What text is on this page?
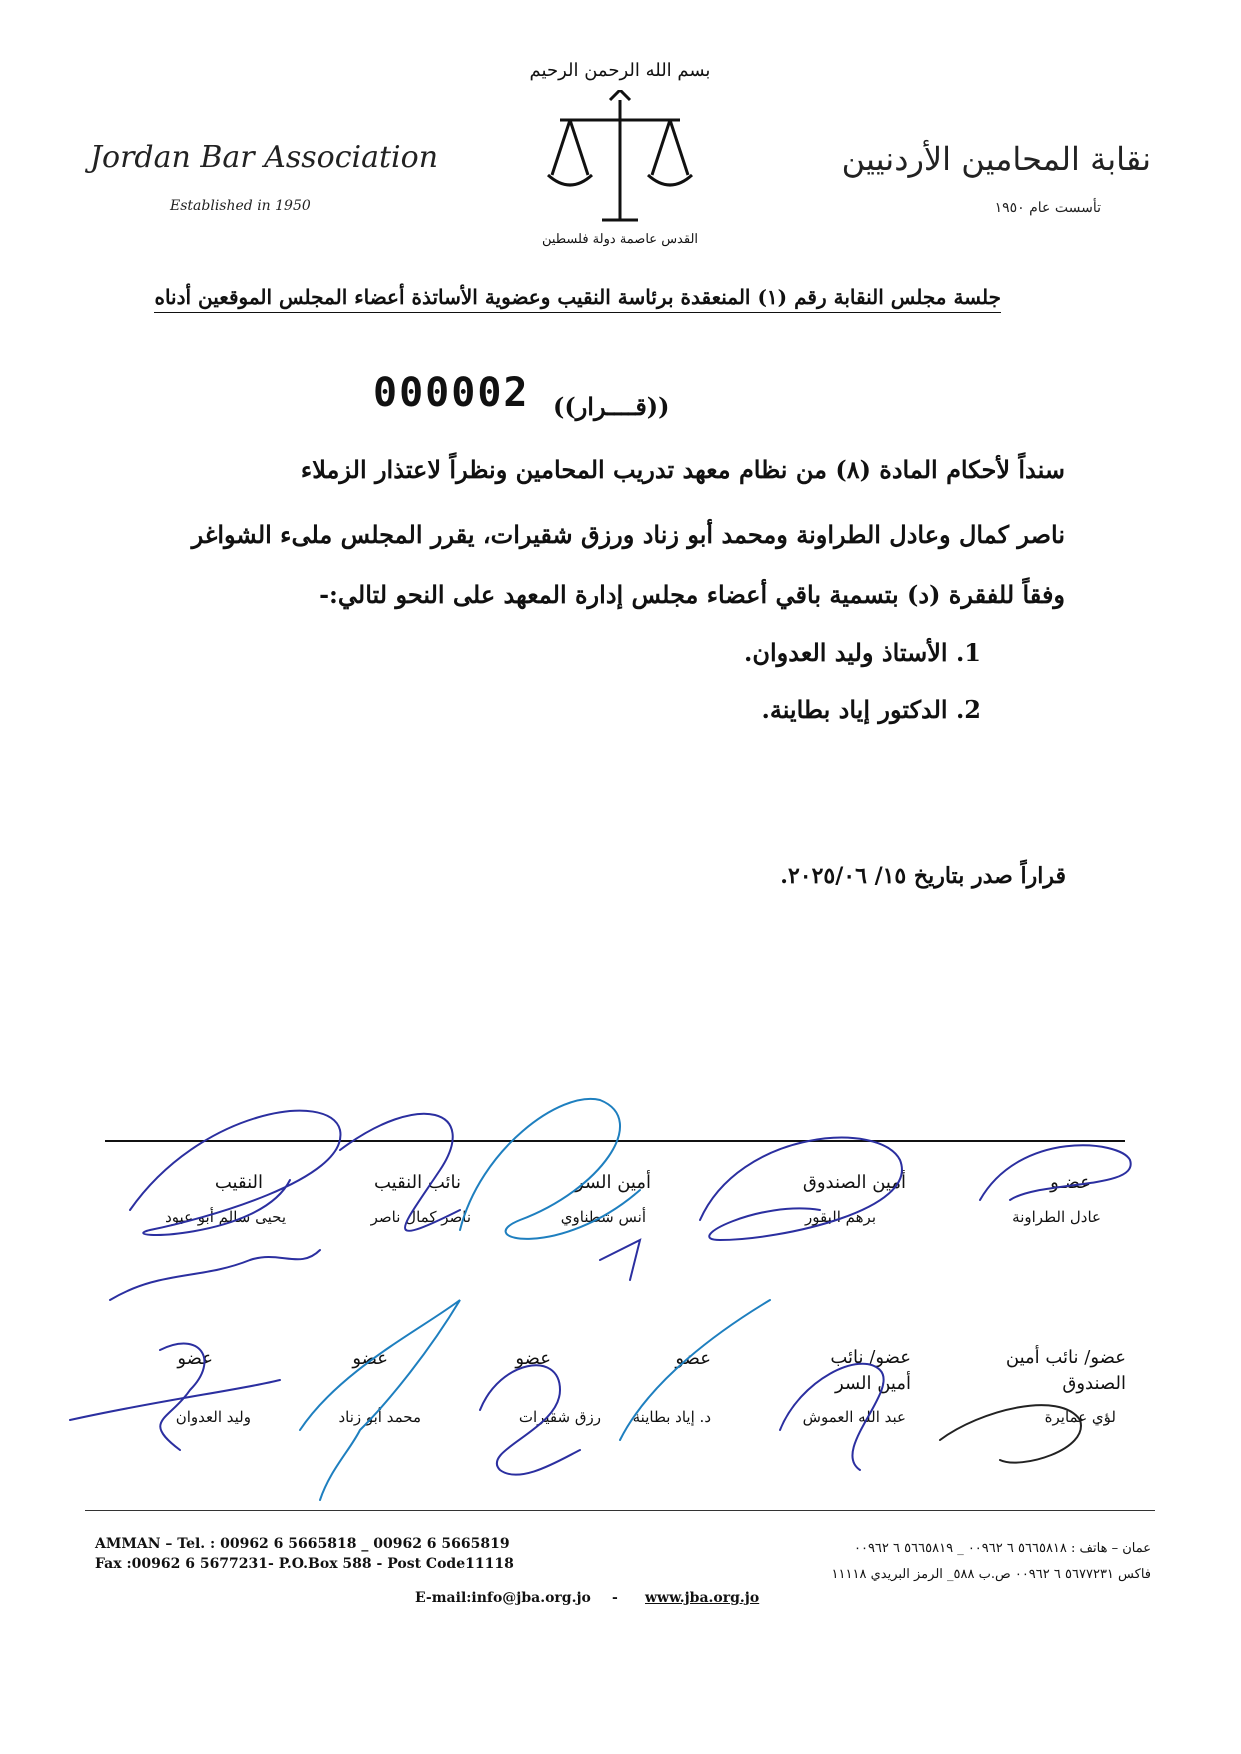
Jordan Bar Association
Established in 1950
نقابة المحامين الأردنيين
تأسست عام ١٩٥٠
بسم الله الرحمن الرحيم
القدس عاصمة دولة فلسطين
جلسة مجلس النقابة رقم (١) المنعقدة برئاسة النقيب وعضوية الأساتذة أعضاء المجلس الموقعين أدناه
000002 ((قــــرار))
سنداً لأحكام المادة (٨) من نظام معهد تدريب المحامين ونظراً لاعتذار الزملاء
ناصر كمال وعادل الطراونة ومحمد أبو زناد ورزق شقيرات، يقرر المجلس ملىء الشواغر
وفقاً للفقرة (د) بتسمية باقي أعضاء مجلس إدارة المعهد على النحو لتالي:-
1. الأستاذ وليد العدوان.
2. الدكتور إياد بطاينة.
قراراً صدر بتاريخ ١٥/ ٢٠٢٥/٠٦.
عضـو
عادل الطراونة
أمين الصندوق
برهم البقور
أمين السر
أنس شطناوي
نائب النقيب
ناصر كمال ناصر
النقيب
يحيى سالم أبو عبود
عضو/ نائب أمين الصندوق
لؤي عمايرة
عضو/ نائب أمين السر
عبد الله العموش
عضو
د. إياد بطاينة
عضو
رزق شقيرات
عضو
محمد أبو زناد
عضو
وليد العدوان
AMMAN – Tel. : 00962 6 5665818 _ 00962 6 5665819
Fax :00962 6 5677231- P.O.Box 588 - Post Code11118
عمان – هاتف : ٥٦٦٥٨١٨ ٦ ٠٠٩٦٢ _ ٥٦٦٥٨١٩ ٦ ٠٠٩٦٢
فاكس ٥٦٧٧٢٣١ ٦ ٠٠٩٦٢ ص.ب ٥٨٨_ الرمز البريدي ١١١١٨
E-mail:info@jba.org.jo - www.jba.org.jo
